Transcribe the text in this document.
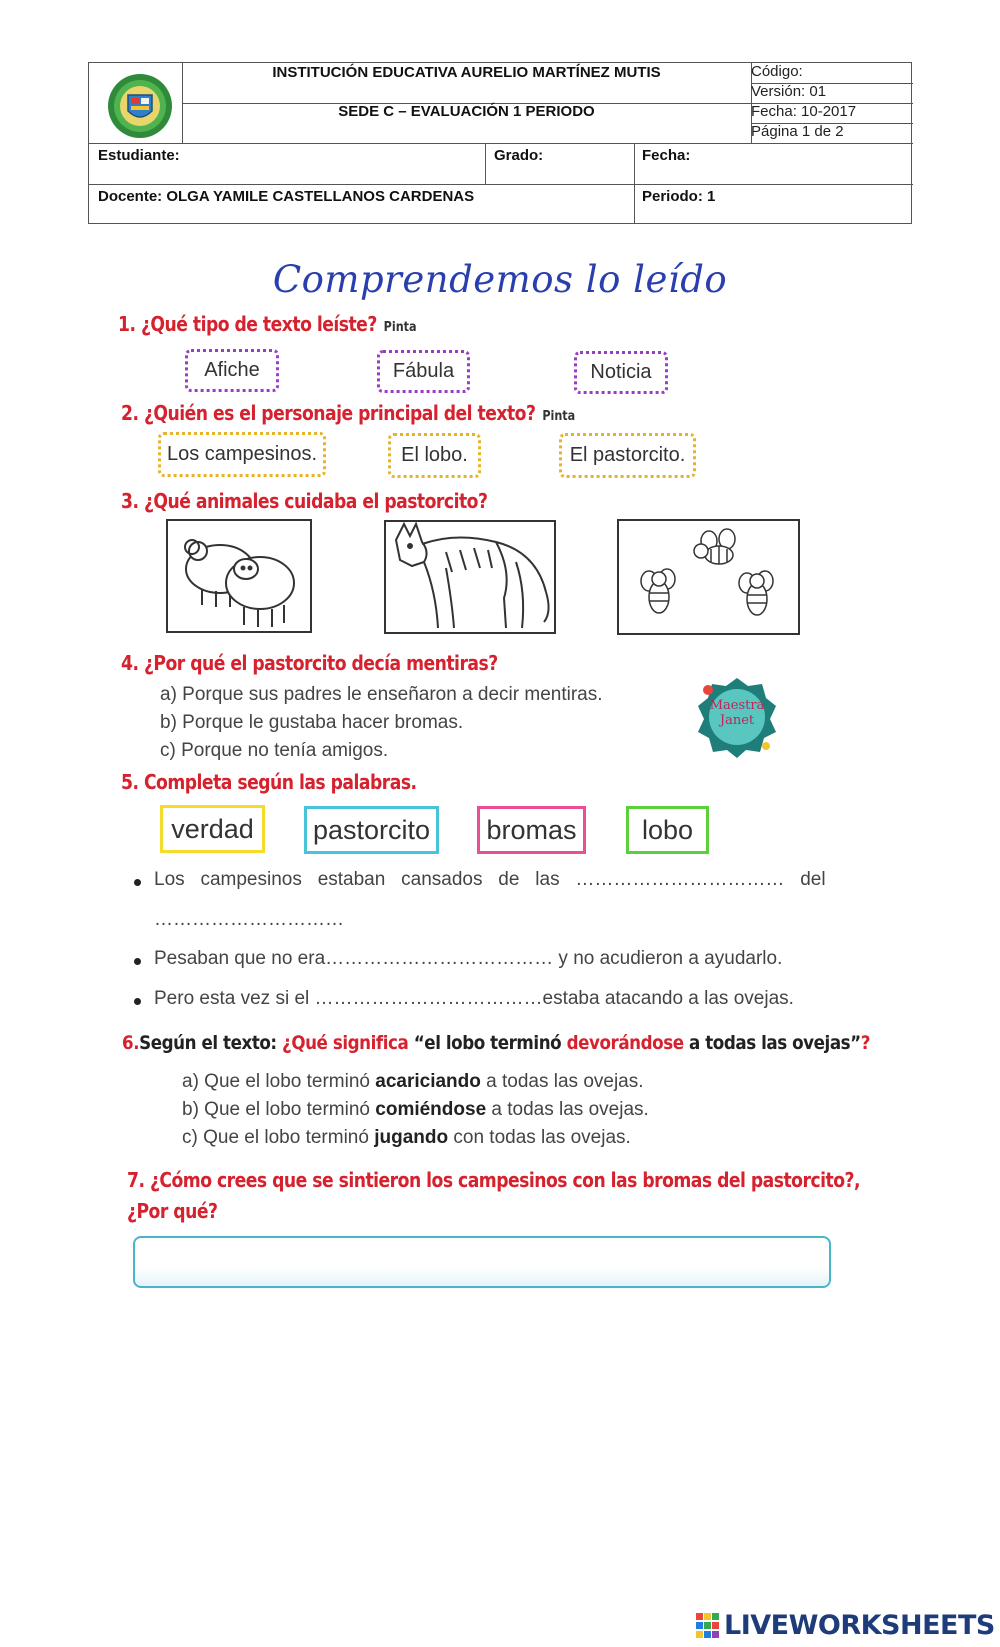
INSTITUCIÓN EDUCATIVA AURELIO MARTÍNEZ MUTIS
SEDE C – EVALUACIÓN 1 PERIODO
Código:
Versión: 01
Fecha: 10-2017
Página 1 de 2
Estudiante:	Grado:	Fecha:
Docente: OLGA YAMILE CASTELLANOS CARDENAS	Periodo: 1
Comprendemos lo leído
1. ¿Qué tipo de texto leíste? Pinta
Afiche	Fábula	Noticia
2. ¿Quién es el personaje principal del texto? Pinta
Los campesinos.	El lobo.	El pastorcito.
3. ¿Qué animales cuidaba el pastorcito?
4. ¿Por qué el pastorcito decía mentiras?
a) Porque sus padres le enseñaron a decir mentiras.
b) Porque le gustaba hacer bromas.
c) Porque no tenía amigos.
Maestra
Janet
5. Completa según las palabras.
verdad	pastorcito	bromas	lobo
Los   campesinos   estaban   cansados   de   las   ……………………………   del
…………………………
Pesaban que no era……………………………… y no acudieron a ayudarlo.
Pero esta vez si el ………………………………estaba atacando a las ovejas.
6.Según el texto: ¿Qué significa “el lobo terminó devorándose a todas las ovejas”?
a) Que el lobo terminó acariciando a todas las ovejas.
b) Que el lobo terminó comiéndose a todas las ovejas.
c) Que el lobo terminó jugando con todas las ovejas.
7. ¿Cómo crees que se sintieron los campesinos con las bromas del pastorcito?,
¿Por qué?
LIVEWORKSHEETS
